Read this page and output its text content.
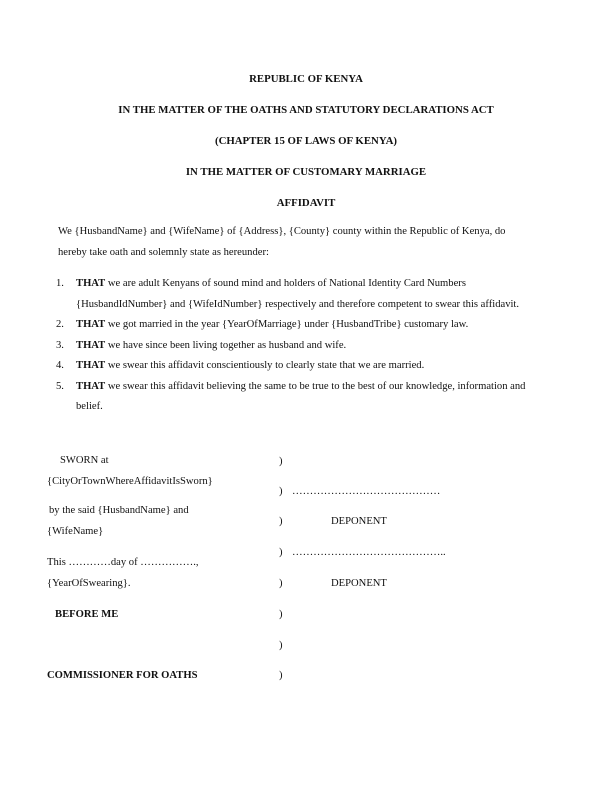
REPUBLIC OF KENYA
IN THE MATTER OF THE OATHS AND STATUTORY DECLARATIONS ACT
(CHAPTER 15 OF LAWS OF KENYA)
IN THE MATTER OF CUSTOMARY MARRIAGE
AFFIDAVIT
We {HusbandName} and {WifeName} of {Address}, {County} county within the Republic of Kenya, do hereby take oath and solemnly state as hereunder:
1. THAT we are adult Kenyans of sound mind and holders of National Identity Card Numbers {HusbandIdNumber} and {WifeIdNumber} respectively and therefore competent to swear this affidavit.
2. THAT we got married in the year {YearOfMarriage} under {HusbandTribe} customary law.
3. THAT we have since been living together as husband and wife.
4. THAT we swear this affidavit conscientiously to clearly state that we are married.
5. THAT we swear this affidavit believing the same to be true to the best of our knowledge, information and belief.
SWORN at
{CityOrTownWhereAffidavitIsSworn}
by the said {HusbandName} and
{WifeName}
This …………day of …………….,
{YearOfSwearing}.
BEFORE ME
COMMISSIONER FOR OATHS
)
)
)
)
)
)
)
)
……………………………………
DEPONENT
……………………………………..
DEPONENT
